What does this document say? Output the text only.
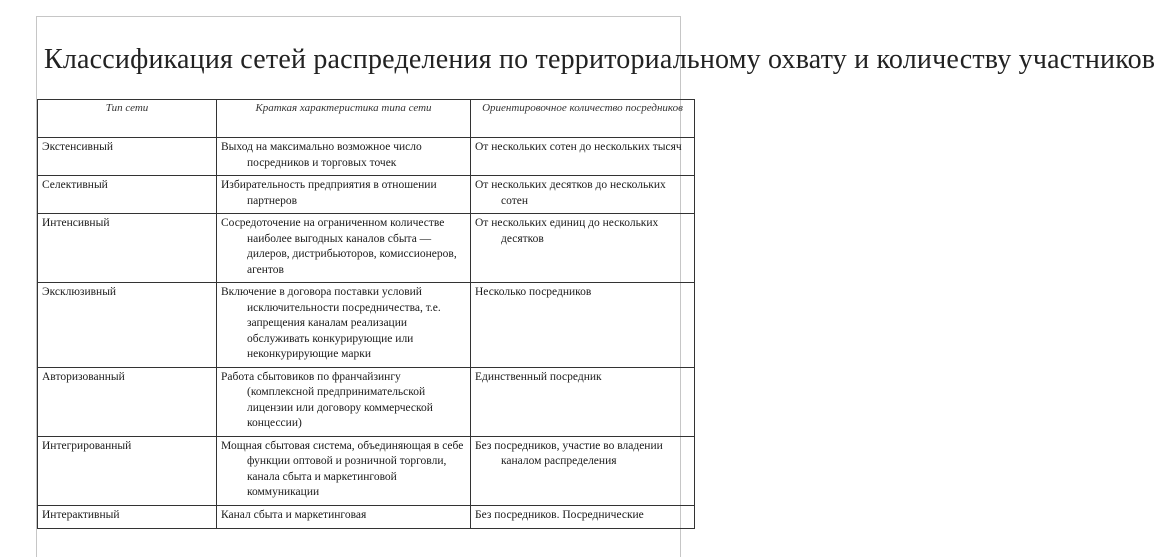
Классификация сетей распределения по территориальному охвату и количеству участников
Тип сети	Краткая характеристика типа сети	Ориентировочное количество посредников
Экстенсивный	Выход на максимально возможное число посредников и торговых точек	От нескольких сотен до нескольких тысяч
Селективный	Избирательность предприятия в отношении партнеров	От нескольких десятков до нескольких сотен
Интенсивный	Сосредоточение на ограниченном количестве наиболее выгодных каналов сбыта — дилеров, дистрибьюторов, комиссионеров, агентов	От нескольких единиц до нескольких десятков
Эксклюзивный	Включение в договора поставки условий исключительности посредничества, т.е. запрещения каналам реализации обслуживать конкурирующие или неконкурирующие марки	Несколько посредников
Авторизованный	Работа сбытовиков по франчайзингу (комплексной предпринимательской лицензии или договору коммерческой концессии)	Единственный посредник
Интегрированный	Мощная сбытовая система, объединяющая в себе функции оптовой и розничной торговли, канала сбыта и маркетинговой коммуникации	Без посредников, участие во владении каналом распределения
Интерактивный	Канал сбыта и маркетинговая	Без посредников. Посреднические
